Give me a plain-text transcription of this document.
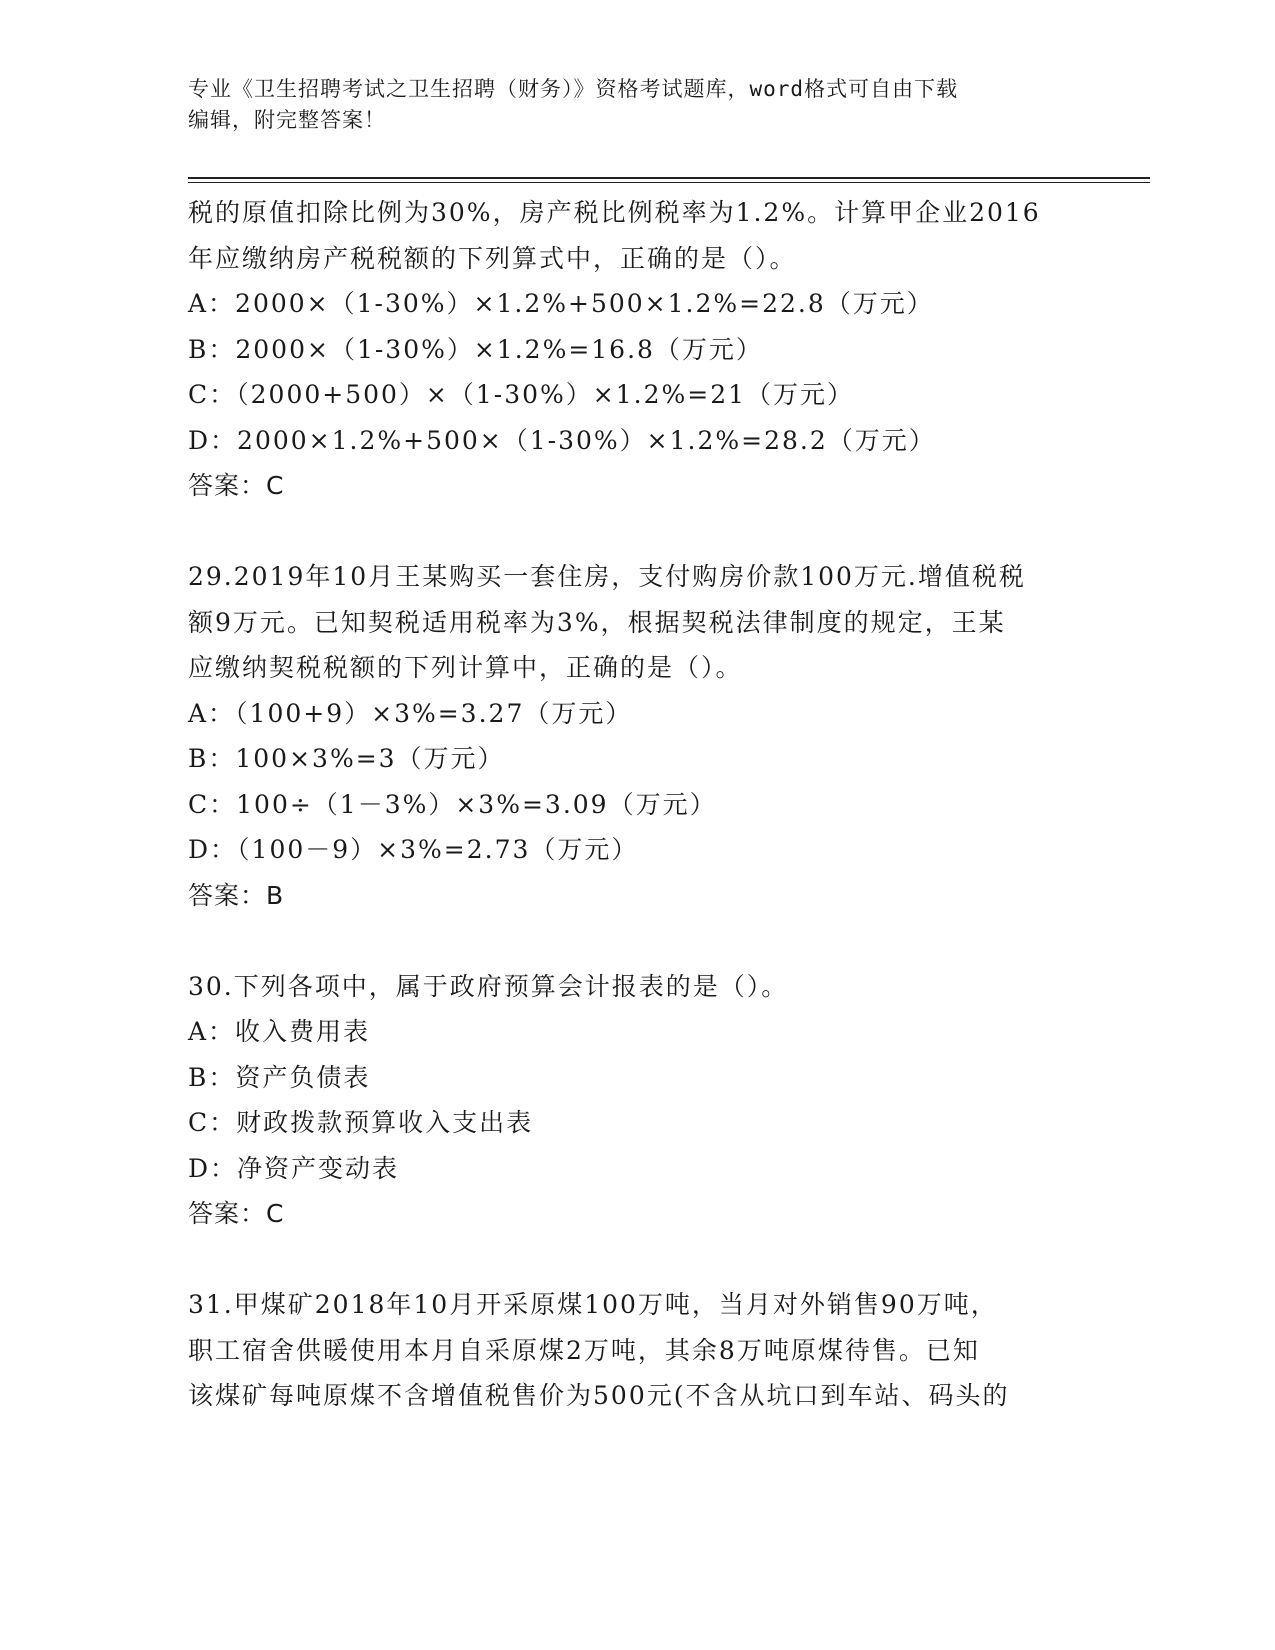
专业《卫生招聘考试之卫生招聘（财务）》资格考试题库，word格式可自由下载
编辑，附完整答案！
税的原值扣除比例为30%，房产税比例税率为1.2%。计算甲企业2016
年应缴纳房产税税额的下列算式中，正确的是（）。
A：2000×（1-30%）×1.2%+500×1.2%=22.8（万元）
B：2000×（1-30%）×1.2%=16.8（万元）
C：（2000+500）×（1-30%）×1.2%=21（万元）
D：2000×1.2%+500×（1-30%）×1.2%=28.2（万元）
答案：C
29.2019年10月王某购买一套住房，支付购房价款100万元.增值税税
额9万元。已知契税适用税率为3%，根据契税法律制度的规定，王某
应缴纳契税税额的下列计算中，正确的是（）。
A：（100+9）×3%=3.27（万元）
B：100×3%=3（万元）
C：100÷（1－3%）×3%=3.09（万元）
D：（100－9）×3%=2.73（万元）
答案：B
30.下列各项中，属于政府预算会计报表的是（）。
A：收入费用表
B：资产负债表
C：财政拨款预算收入支出表
D：净资产变动表
答案：C
31.甲煤矿2018年10月开采原煤100万吨，当月对外销售90万吨，
职工宿舍供暖使用本月自采原煤2万吨，其余8万吨原煤待售。已知
该煤矿每吨原煤不含增值税售价为500元(不含从坑口到车站、码头的
